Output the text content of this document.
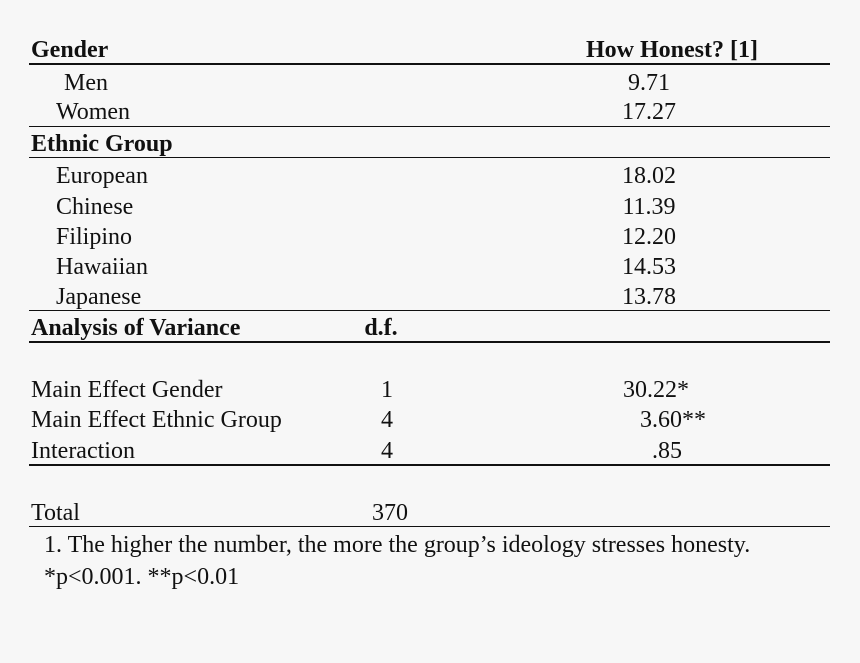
Gender	How Honest? [1]
Men	9.71
Women	17.27
Ethnic Group
European	18.02
Chinese	11.39
Filipino	12.20
Hawaiian	14.53
Japanese	13.78
Analysis of Variance	d.f.
Main Effect Gender	1	30.22*
Main Effect Ethnic Group	4	3.60**
Interaction	4	.85
Total	370
1. The higher the number, the more the group’s ideology stresses honesty.
*p<0.001. **p<0.01
